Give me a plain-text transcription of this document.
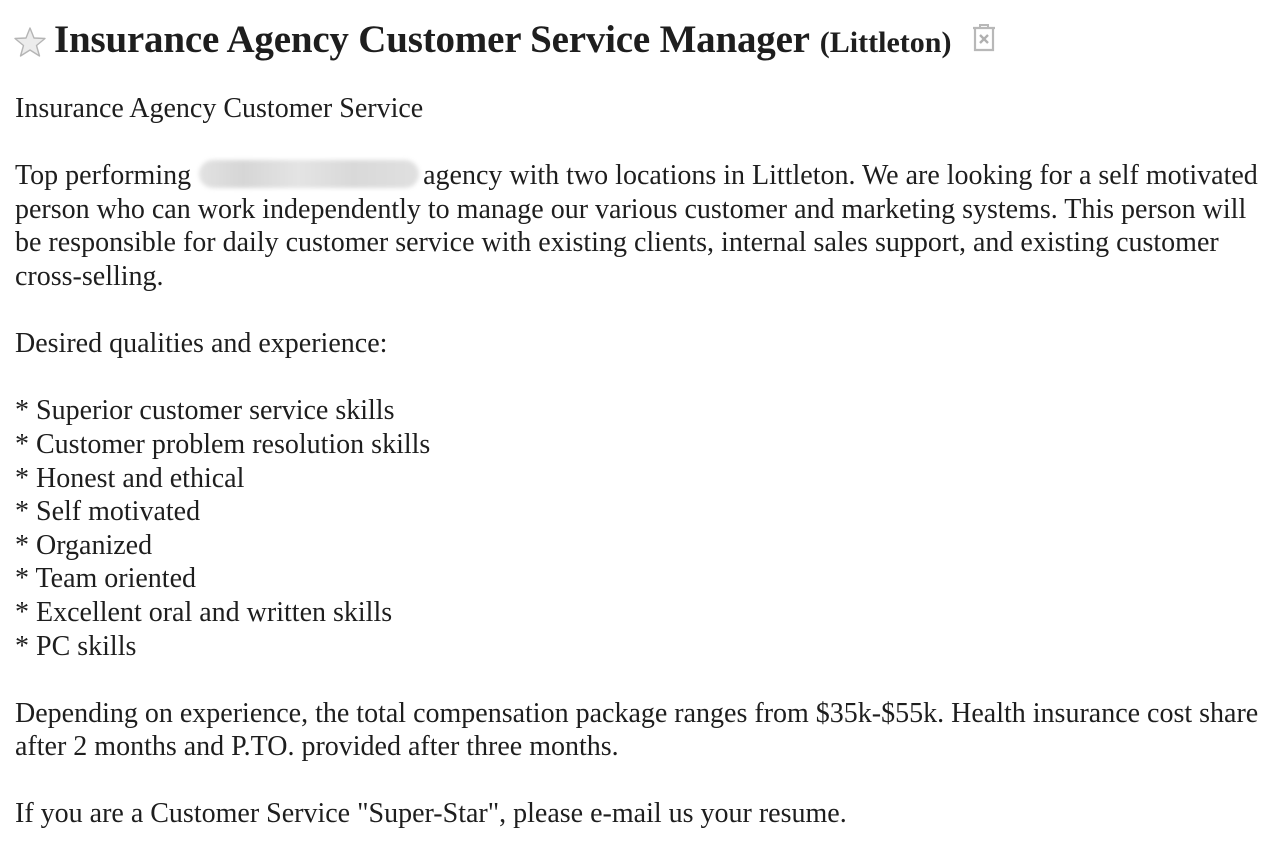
Insurance Agency Customer Service Manager (Littleton)

Insurance Agency Customer Service

Top performing	agency with two locations in Littleton. We are looking for a self motivated person who can work independently to manage our various customer and marketing systems. This person will be responsible for daily customer service with existing clients, internal sales support, and existing customer cross-selling.

Desired qualities and experience:

* Superior customer service skills
* Customer problem resolution skills
* Honest and ethical
* Self motivated
* Organized
* Team oriented
* Excellent oral and written skills
* PC skills

Depending on experience, the total compensation package ranges from $35k-$55k. Health insurance cost share after 2 months and P.TO. provided after three months.

If you are a Customer Service "Super-Star", please e-mail us your resume.
